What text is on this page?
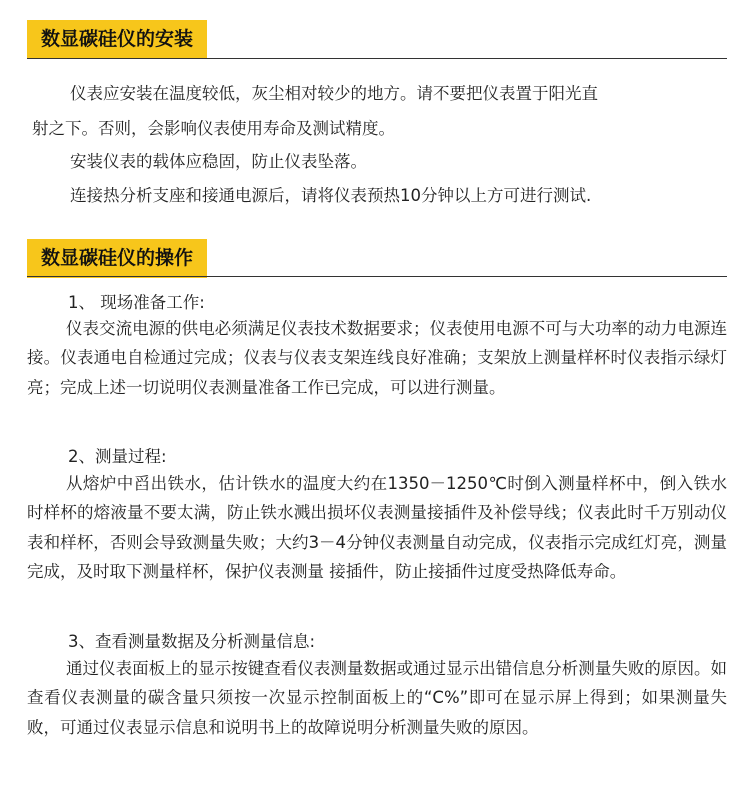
数显碳硅仪的安装
仪表应安装在温度较低，灰尘相对较少的地方。请不要把仪表置于阳光直
射之下。否则，会影响仪表使用寿命及测试精度。
安装仪表的载体应稳固，防止仪表坠落。
连接热分析支座和接通电源后，请将仪表预热10分钟以上方可进行测试.
数显碳硅仪的操作
1、 现场准备工作:

仪表交流电源的供电必须满足仪表技术数据要求；仪表使用电源不可与大功率的动力电源连接。仪表通电自检通过完成；仪表与仪表支架连线良好准确；支架放上测量样杯时仪表指示绿灯亮；完成上述一切说明仪表测量准备工作已完成，可以进行测量。

2、测量过程:

从熔炉中舀出铁水，估计铁水的温度大约在1350－1250℃时倒入测量样杯中，倒入铁水时样杯的熔液量不要太满，防止铁水溅出损坏仪表测量接插件及补偿导线；仪表此时千万别动仪表和样杯，否则会导致测量失败；大约3－4分钟仪表测量自动完成，仪表指示完成红灯亮，测量完成，及时取下测量样杯，保护仪表测量 接插件，防止接插件过度受热降低寿命。

3、查看测量数据及分析测量信息:

通过仪表面板上的显示按键查看仪表测量数据或通过显示出错信息分析测量失败的原因。如查看仪表测量的碳含量只须按一次显示控制面板上的“C%”即可在显示屏上得到；如果测量失败，可通过仪表显示信息和说明书上的故障说明分析测量失败的原因。
